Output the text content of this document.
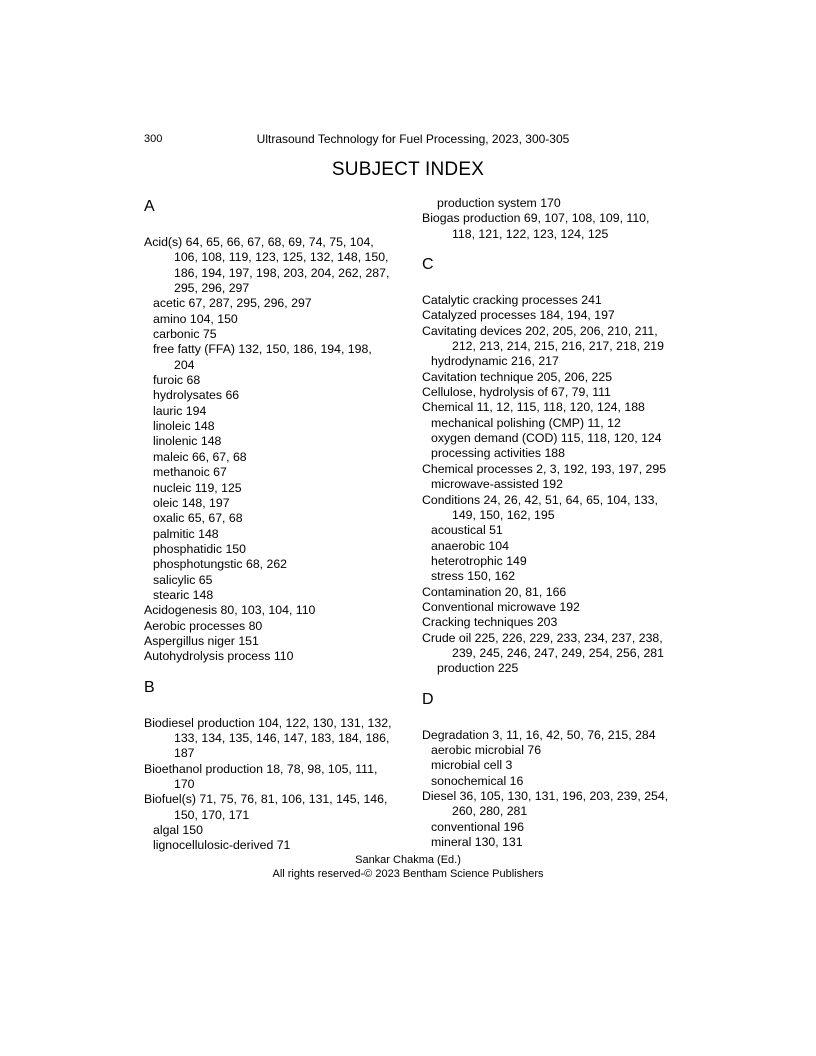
300	Ultrasound Technology for Fuel Processing, 2023, 300-305
SUBJECT INDEX
A
Acid(s) 64, 65, 66, 67, 68, 69, 74, 75, 104,
106, 108, 119, 123, 125, 132, 148, 150,
186, 194, 197, 198, 203, 204, 262, 287,
295, 296, 297
acetic 67, 287, 295, 296, 297
amino 104, 150
carbonic 75
free fatty (FFA) 132, 150, 186, 194, 198,
204
furoic 68
hydrolysates 66
lauric 194
linoleic 148
linolenic 148
maleic 66, 67, 68
methanoic 67
nucleic 119, 125
oleic 148, 197
oxalic 65, 67, 68
palmitic 148
phosphatidic 150
phosphotungstic 68, 262
salicylic 65
stearic 148
Acidogenesis 80, 103, 104, 110
Aerobic processes 80
Aspergillus niger 151
Autohydrolysis process 110
B
Biodiesel production 104, 122, 130, 131, 132,
133, 134, 135, 146, 147, 183, 184, 186,
187
Bioethanol production 18, 78, 98, 105, 111,
170
Biofuel(s) 71, 75, 76, 81, 106, 131, 145, 146,
150, 170, 171
algal 150
lignocellulosic-derived 71
production system 170
Biogas production 69, 107, 108, 109, 110,
118, 121, 122, 123, 124, 125
C
Catalytic cracking processes 241
Catalyzed processes 184, 194, 197
Cavitating devices 202, 205, 206, 210, 211,
212, 213, 214, 215, 216, 217, 218, 219
hydrodynamic 216, 217
Cavitation technique 205, 206, 225
Cellulose, hydrolysis of 67, 79, 111
Chemical 11, 12, 115, 118, 120, 124, 188
mechanical polishing (CMP) 11, 12
oxygen demand (COD) 115, 118, 120, 124
processing activities 188
Chemical processes 2, 3, 192, 193, 197, 295
microwave-assisted 192
Conditions 24, 26, 42, 51, 64, 65, 104, 133,
149, 150, 162, 195
acoustical 51
anaerobic 104
heterotrophic 149
stress 150, 162
Contamination 20, 81, 166
Conventional microwave 192
Cracking techniques 203
Crude oil 225, 226, 229, 233, 234, 237, 238,
239, 245, 246, 247, 249, 254, 256, 281
production 225
D
Degradation 3, 11, 16, 42, 50, 76, 215, 284
aerobic microbial 76
microbial cell 3
sonochemical 16
Diesel 36, 105, 130, 131, 196, 203, 239, 254,
260, 280, 281
conventional 196
mineral 130, 131
Sankar Chakma (Ed.)
All rights reserved-© 2023 Bentham Science Publishers
